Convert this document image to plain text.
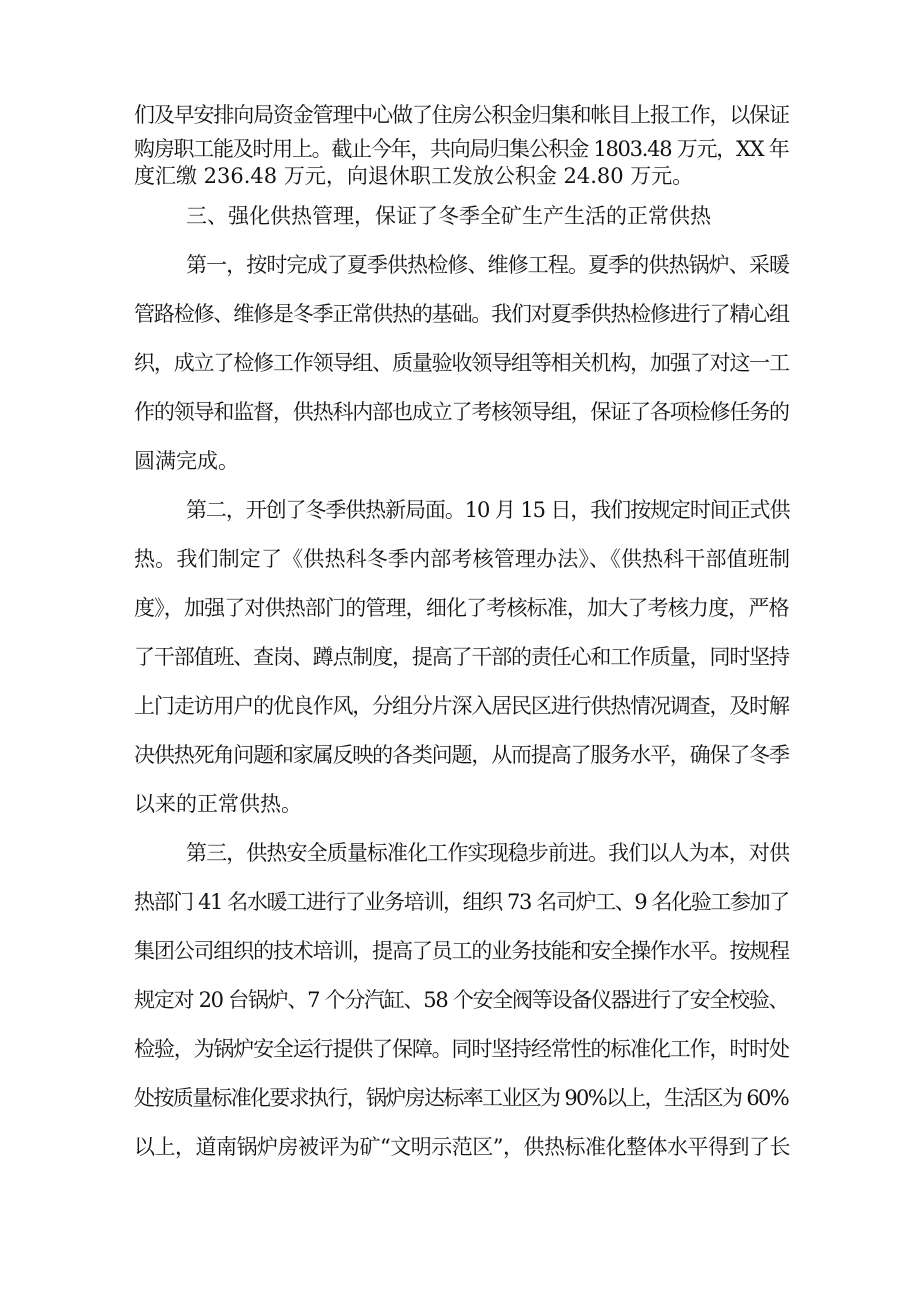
们及早安排向局资金管理中心做了住房公积金归集和帐目上报工作，以保证
购房职工能及时用上。截止今年，共向局归集公积金 1803.48 万元，XX 年
度汇缴 236.48 万元，向退休职工发放公积金 24.80 万元。
三、强化供热管理，保证了冬季全矿生产生活的正常供热
第一，按时完成了夏季供热检修、维修工程。夏季的供热锅炉、采暖
管路检修、维修是冬季正常供热的基础。我们对夏季供热检修进行了精心组
织，成立了检修工作领导组、质量验收领导组等相关机构，加强了对这一工
作的领导和监督，供热科内部也成立了考核领导组，保证了各项检修任务的
圆满完成。
第二，开创了冬季供热新局面。10 月 15 日，我们按规定时间正式供
热。我们制定了《供热科冬季内部考核管理办法》、《供热科干部值班制
度》，加强了对供热部门的管理，细化了考核标准，加大了考核力度，严格
了干部值班、查岗、蹲点制度，提高了干部的责任心和工作质量，同时坚持
上门走访用户的优良作风，分组分片深入居民区进行供热情况调查，及时解
决供热死角问题和家属反映的各类问题，从而提高了服务水平，确保了冬季
以来的正常供热。
第三，供热安全质量标准化工作实现稳步前进。我们以人为本，对供
热部门 41 名水暖工进行了业务培训，组织 73 名司炉工、9 名化验工参加了
集团公司组织的技术培训，提高了员工的业务技能和安全操作水平。按规程
规定对 20 台锅炉、7 个分汽缸、58 个安全阀等设备仪器进行了安全校验、
检验，为锅炉安全运行提供了保障。同时坚持经常性的标准化工作，时时处
处按质量标准化要求执行，锅炉房达标率工业区为 90%以上，生活区为 60%
以上，道南锅炉房被评为矿“文明示范区”，供热标准化整体水平得到了长
